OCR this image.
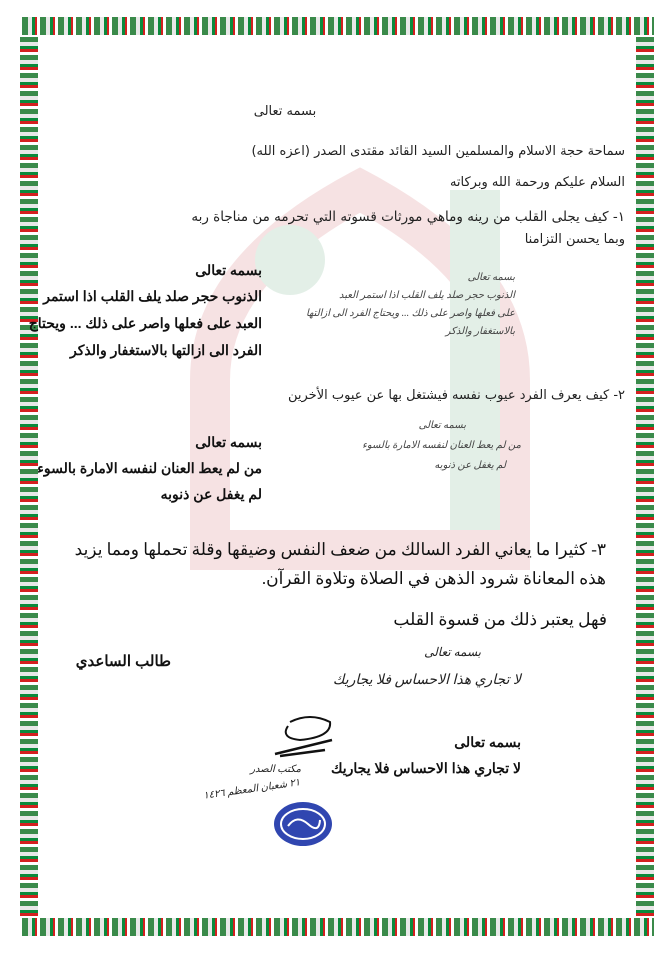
بسمه تعالى
سماحة حجة الاسلام والمسلمين السيد القائد مقتدى الصدر (اعزه الله)
السلام عليكم ورحمة الله وبركاته
١- كيف يجلى القلب من رينه وماهي مورثات قسوته التي تحرمه من مناجاة ربه
وبما يحسن التزامنا
بسمه تعالى
الذنوب حجر صلد يلف القلب اذا استمر
العبد على فعلها واصر على ذلك ... ويحتاج
الفرد الى ازالتها بالاستغفار والذكر
بسمه تعالى
الذنوب حجر صلد يلف القلب اذا استمر العبد
على فعلها واصر على ذلك ... ويحتاج الفرد الى ازالتها
بالاستغفار والذكر
٢- كيف يعرف الفرد عيوب نفسه فيشتغل بها عن عيوب الأخرين
بسمه تعالى
من لم يعط العنان لنفسه الامارة بالسوء
لم يغفل عن ذنوبه
بسمه تعالى
من لم يعط العنان لنفسه الامارة بالسوء
لم يغفل عن ذنوبه
٣- كثيرا ما يعاني الفرد السالك من ضعف النفس وضيقها وقلة تحملها ومما يزيد
هذه المعاناة شرود الذهن في الصلاة وتلاوة القرآن.
فهل يعتبر ذلك من قسوة القلب
طالب الساعدي
بسمه تعالى
لا تجاري هذا الاحساس فلا يجاريك
بسمه تعالى
لا تجاري هذا الاحساس فلا يجاريك
مكتب الصدر
٢١ شعبان المعظم ١٤٢٦
